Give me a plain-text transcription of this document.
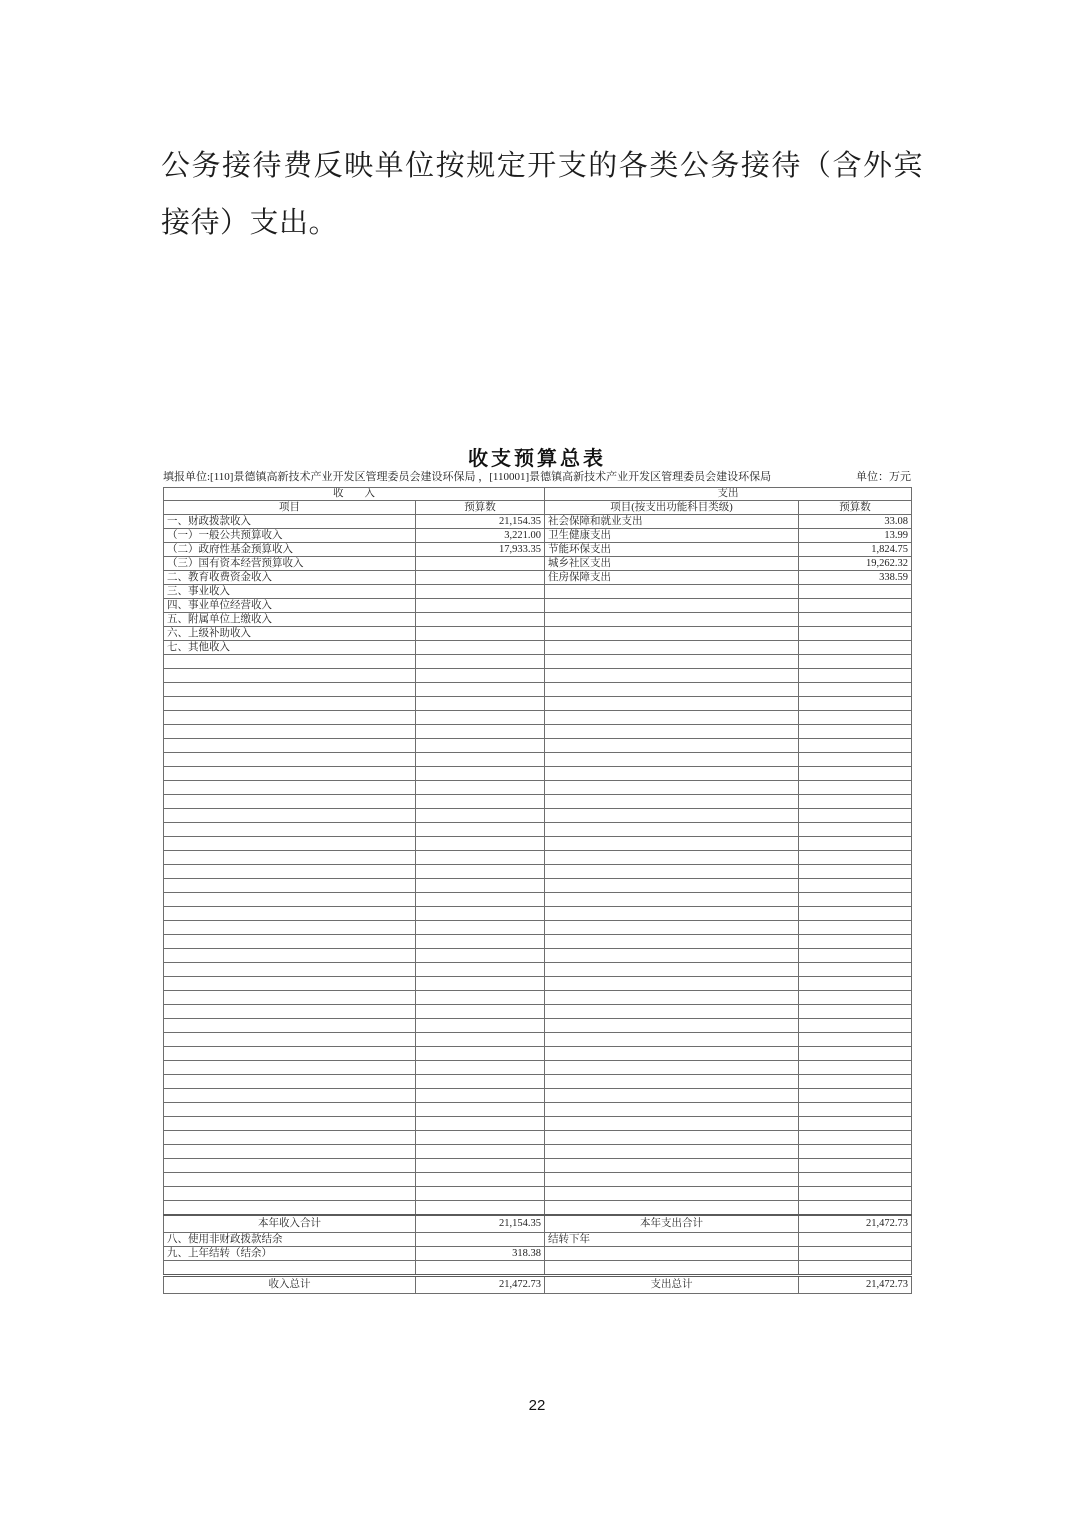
公务接待费反映单位按规定开支的各类公务接待（含外宾接待）支出。
收支预算总表
填报单位:[110]景德镇高新技术产业开发区管理委员会建设环保局 ，[110001]景德镇高新技术产业开发区管理委员会建设环保局	单位：万元
收　　入		支出	
项目	预算数	项目(按支出功能科目类级)	预算数
一、财政拨款收入	21,154.35	社会保障和就业支出	33.08
（一）一般公共预算收入	3,221.00	卫生健康支出	13.99
（二）政府性基金预算收入	17,933.35	节能环保支出	1,824.75
（三）国有资本经营预算收入		城乡社区支出	19,262.32
二、教育收费资金收入		住房保障支出	338.59
三、事业收入			
四、事业单位经营收入			
五、附属单位上缴收入			
六、上级补助收入			
七、其他收入			

本年收入合计	21,154.35	本年支出合计	21,472.73
八、使用非财政拨款结余		结转下年	
九、上年结转（结余）	318.38		

收入总计	21,472.73	支出总计	21,472.73
22
